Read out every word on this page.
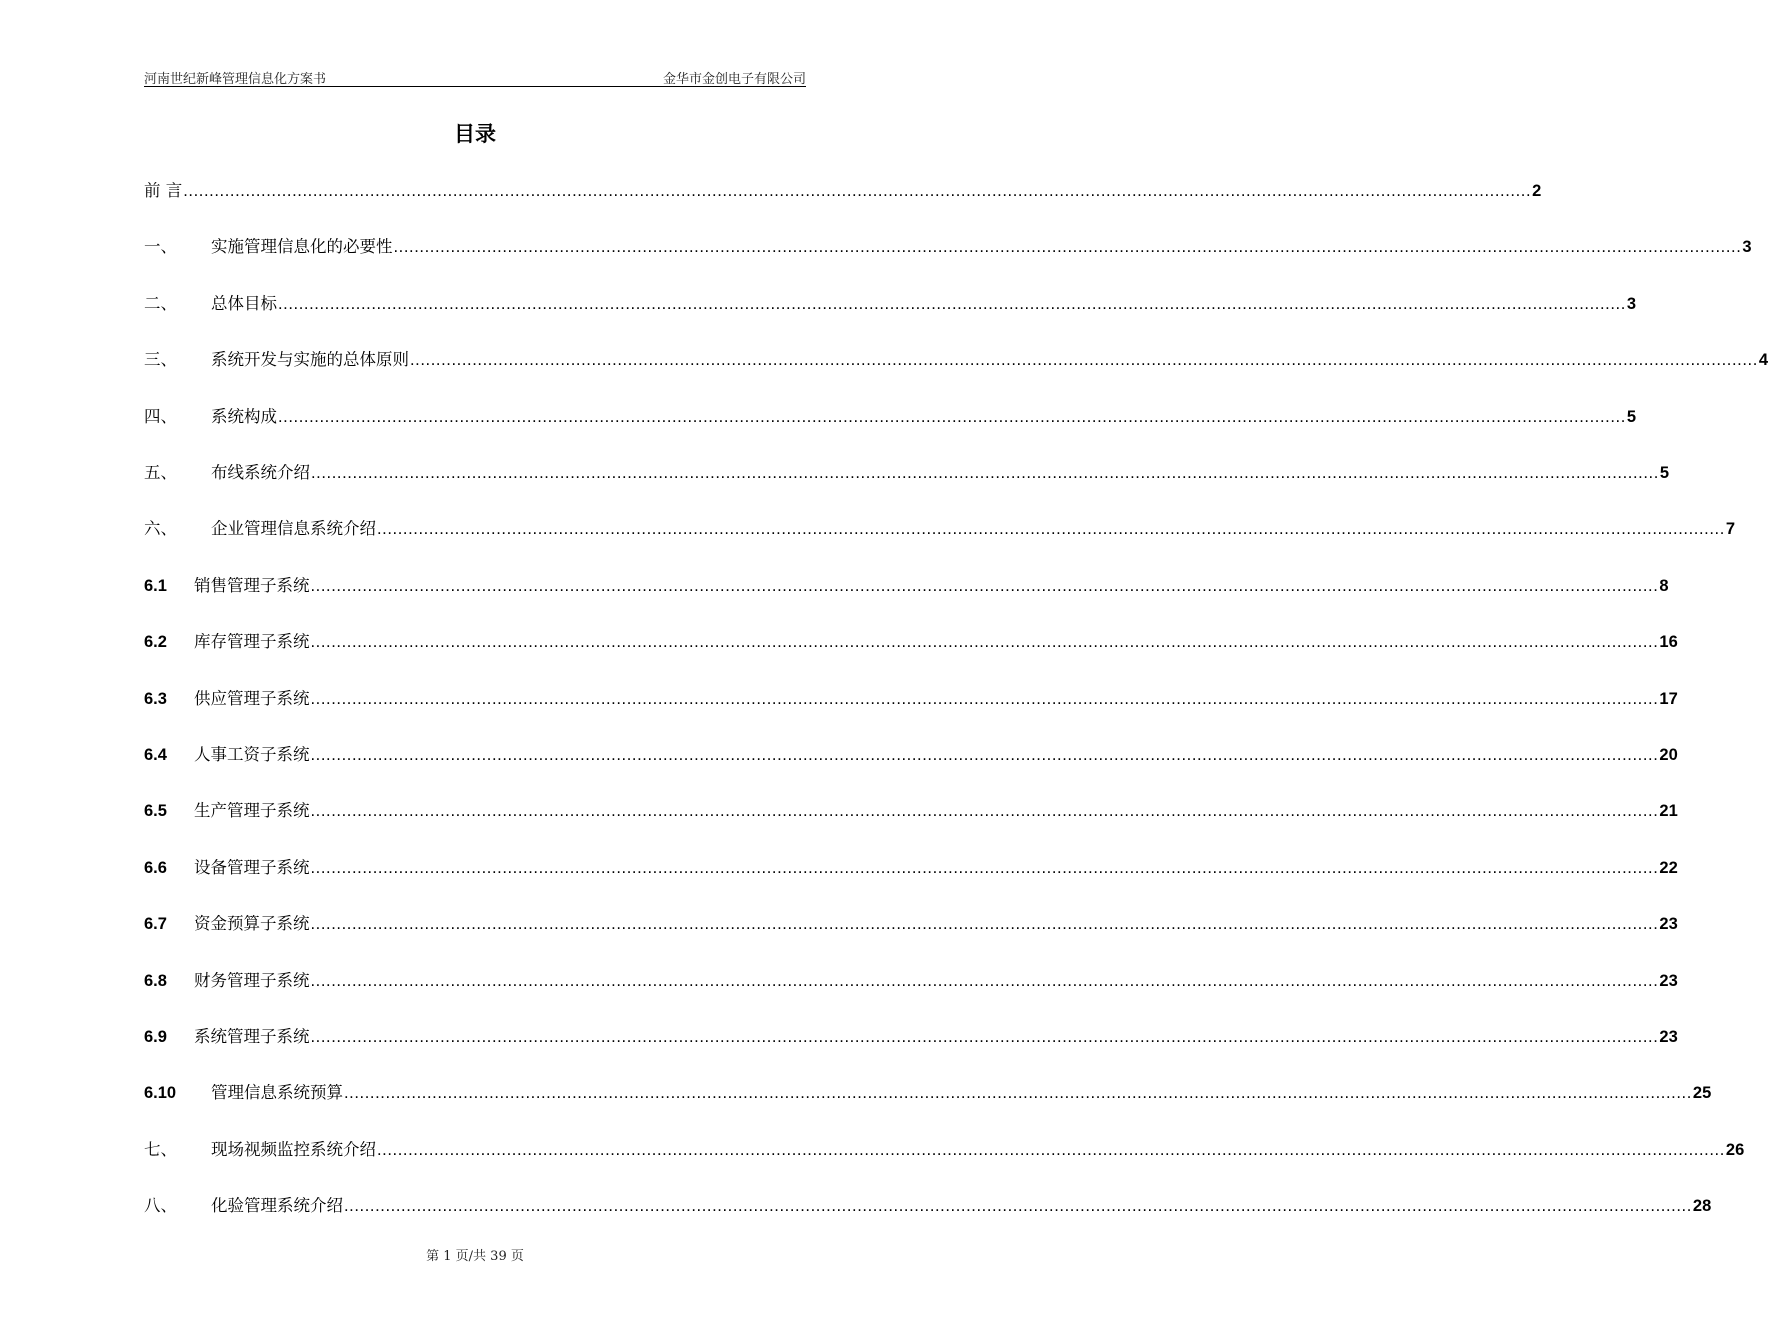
河南世纪新峰管理信息化方案书	金华市金创电子有限公司
目录
前 言 .................................................................................................................................................................................................................................................................... 2
一、	实施管理信息化的必要性 .................................................................................................................................................................................................................................................................... 3
二、	总体目标 .................................................................................................................................................................................................................................................................... 3
三、	系统开发与实施的总体原则 .................................................................................................................................................................................................................................................................... 4
四、	系统构成 .................................................................................................................................................................................................................................................................... 5
五、	布线系统介绍 .................................................................................................................................................................................................................................................................... 5
六、	企业管理信息系统介绍 .................................................................................................................................................................................................................................................................... 7
6.1	销售管理子系统 .................................................................................................................................................................................................................................................................... 8
6.2	库存管理子系统 .................................................................................................................................................................................................................................................................... 16
6.3	供应管理子系统 .................................................................................................................................................................................................................................................................... 17
6.4	人事工资子系统 .................................................................................................................................................................................................................................................................... 20
6.5	生产管理子系统 .................................................................................................................................................................................................................................................................... 21
6.6	设备管理子系统 .................................................................................................................................................................................................................................................................... 22
6.7	资金预算子系统 .................................................................................................................................................................................................................................................................... 23
6.8	财务管理子系统 .................................................................................................................................................................................................................................................................... 23
6.9	系统管理子系统 .................................................................................................................................................................................................................................................................... 23
6.10	管理信息系统预算 .................................................................................................................................................................................................................................................................... 25
七、	现场视频监控系统介绍 .................................................................................................................................................................................................................................................................... 26
八、	化验管理系统介绍 .................................................................................................................................................................................................................................................................... 28
第 1 页/共 39 页
